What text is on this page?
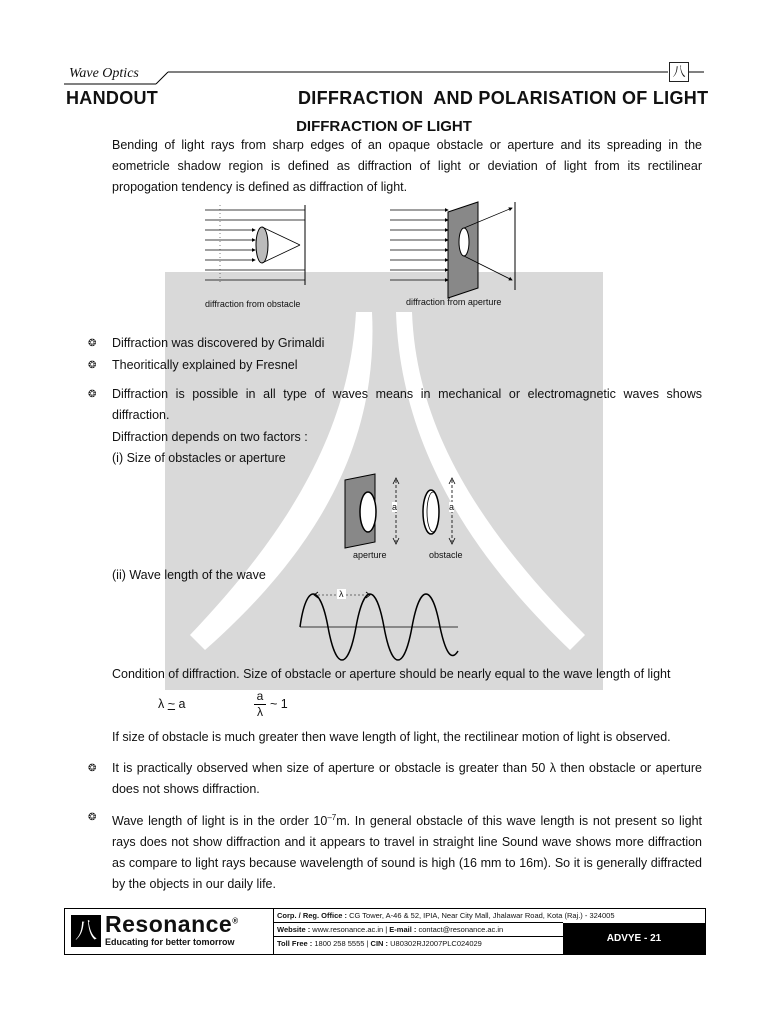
Wave Optics	八
HANDOUT	DIFFRACTION  AND POLARISATION OF LIGHT
DIFFRACTION OF LIGHT
Bending of light rays from sharp edges of an opaque obstacle or aperture and its spreading in the eometricle shadow region is defined as diffraction of light or deviation of light from its rectilinear propogation tendency is defined as diffraction of light.
diffraction from obstacle	diffraction from aperture
❂ Diffraction was discovered by Grimaldi
❂ Theoritically explained by Fresnel
❂ Diffraction is possible in all type of waves means in mechanical or electromagnetic waves shows diffraction.
Diffraction depends on two factors :
(i) Size of obstacles or aperture
a	a
aperture	obstacle
(ii) Wave length of the wave
λ
Condition of diffraction. Size of obstacle or aperture should be nearly equal to the wave length of light
λ ~ a	$\frac{a}{\lambda}$ ~ 1
If size of obstacle is much greater then wave length of light, the rectilinear motion of light is observed.
❂ It is practically observed when size of aperture or obstacle is greater than 50 λ then obstacle or aperture does not shows diffraction.
❂ Wave length of light is in the order $10^{-7}m$. In general obstacle of this wave length is not present so light rays does not show diffraction and it appears to travel in straight line Sound wave shows more diffraction as compare to light rays because wavelength of sound is high (16 mm to 16m). So it is generally diffracted by the objects in our daily life.
八 Resonance®
Educating for better tomorrow
Corp. / Reg. Office : CG Tower, A-46 & 52, IPIA, Near City Mall, Jhalawar Road, Kota (Raj.) - 324005
Website : www.resonance.ac.in | E-mail : contact@resonance.ac.in
Toll Free : 1800 258 5555 | CIN : U80302RJ2007PLC024029	ADVYE - 21
